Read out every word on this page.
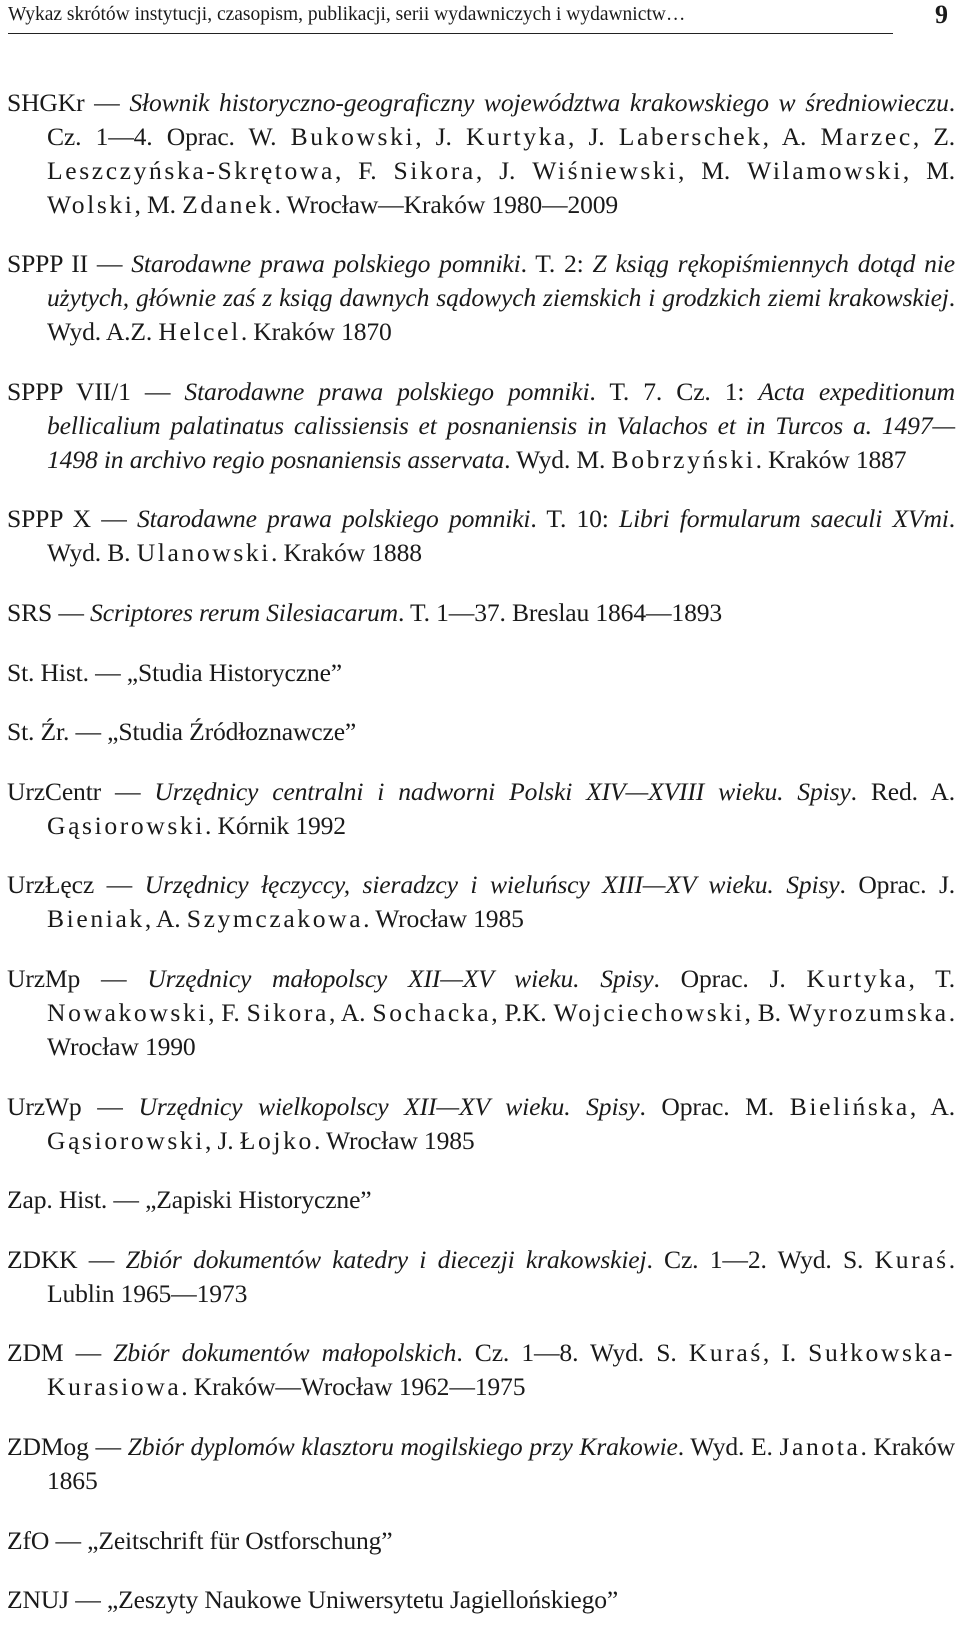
Wykaz skrótów instytucji, czasopism, publikacji, serii wydawniczych i wydawnictw…	9

SHGKr — Słownik historyczno-geograficzny województwa krakowskiego w średniowieczu. Cz. 1—4. Oprac. W. Bukowski, J. Kurtyka, J. Laberschek, A. Marzec, Z. Leszczyńska-Skrętowa, F. Sikora, J. Wiśniewski, M. Wilamowski, M. Wolski, M. Zdanek. Wrocław—Kraków 1980—2009

SPPP II — Starodawne prawa polskiego pomniki. T. 2: Z ksiąg rękopiśmiennych dotąd nie użytych, głównie zaś z ksiąg dawnych sądowych ziemskich i grodzkich ziemi krakowskiej. Wyd. A.Z. Helcel. Kraków 1870

SPPP VII/1 — Starodawne prawa polskiego pomniki. T. 7. Cz. 1: Acta expeditionum bellicalium palatinatus calissiensis et posnaniensis in Valachos et in Turcos a. 1497—1498 in archivo regio posnaniensis asservata. Wyd. M. Bobrzyński. Kraków 1887

SPPP X — Starodawne prawa polskiego pomniki. T. 10: Libri formularum saeculi XVmi. Wyd. B. Ulanowski. Kraków 1888

SRS — Scriptores rerum Silesiacarum. T. 1—37. Breslau 1864—1893

St. Hist. — „Studia Historyczne”

St. Źr. — „Studia Źródłoznawcze”

UrzCentr — Urzędnicy centralni i nadworni Polski XIV—XVIII wieku. Spisy. Red. A. Gąsiorowski. Kórnik 1992

UrzŁęcz — Urzędnicy łęczyccy, sieradzcy i wieluńscy XIII—XV wieku. Spisy. Oprac. J. Bieniak, A. Szymczakowa. Wrocław 1985

UrzMp — Urzędnicy małopolscy XII—XV wieku. Spisy. Oprac. J. Kurtyka, T. Nowakowski, F. Sikora, A. Sochacka, P.K. Wojciechowski, B. Wyrozumska. Wrocław 1990

UrzWp — Urzędnicy wielkopolscy XII—XV wieku. Spisy. Oprac. M. Bielińska, A. Gąsiorowski, J. Łojko. Wrocław 1985

Zap. Hist. — „Zapiski Historyczne”

ZDKK — Zbiór dokumentów katedry i diecezji krakowskiej. Cz. 1—2. Wyd. S. Kuraś. Lublin 1965—1973

ZDM — Zbiór dokumentów małopolskich. Cz. 1—8. Wyd. S. Kuraś, I. Sułkowska-Kurasiowa. Kraków—Wrocław 1962—1975

ZDMog — Zbiór dyplomów klasztoru mogilskiego przy Krakowie. Wyd. E. Janota. Kraków 1865

ZfO — „Zeitschrift für Ostforschung”

ZNUJ — „Zeszyty Naukowe Uniwersytetu Jagiellońskiego”
